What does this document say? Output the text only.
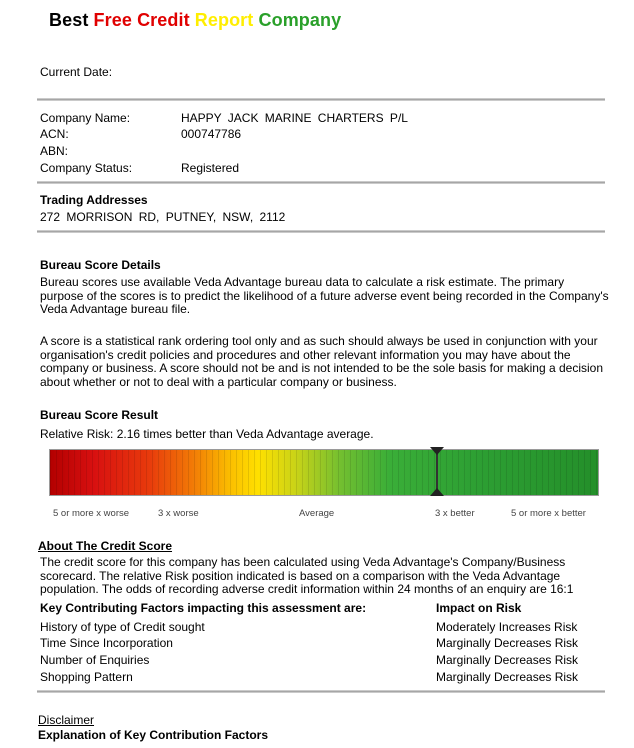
Best Free Credit Report Company
Current Date:
Company Name:	HAPPY JACK MARINE CHARTERS P/L
ACN:	000747786
ABN:
Company Status:	Registered
Trading Addresses
272 MORRISON RD, PUTNEY, NSW, 2112
Bureau Score Details
Bureau scores use available Veda Advantage bureau data to calculate a risk estimate. The primary purpose of the scores is to predict the likelihood of a future adverse event being recorded in the Company's Veda Advantage bureau file.
A score is a statistical rank ordering tool only and as such should always be used in conjunction with your organisation's credit policies and procedures and other relevant information you may have about the company or business. A score should not be and is not intended to be the sole basis for making a decision about whether or not to deal with a particular company or business.
Bureau Score Result
Relative Risk: 2.16 times better than Veda Advantage average.
5 or more x worse	3 x worse	Average	3 x better	5 or more x better
About The Credit Score
The credit score for this company has been calculated using Veda Advantage's Company/Business scorecard. The relative Risk position indicated is based on a comparison with the Veda Advantage population. The odds of recording adverse credit information within 24 months of an enquiry are 16:1
Key Contributing Factors impacting this assessment are:	Impact on Risk
History of type of Credit sought	Moderately Increases Risk
Time Since Incorporation	Marginally Decreases Risk
Number of Enquiries	Marginally Decreases Risk
Shopping Pattern	Marginally Decreases Risk
Disclaimer
Explanation of Key Contribution Factors
